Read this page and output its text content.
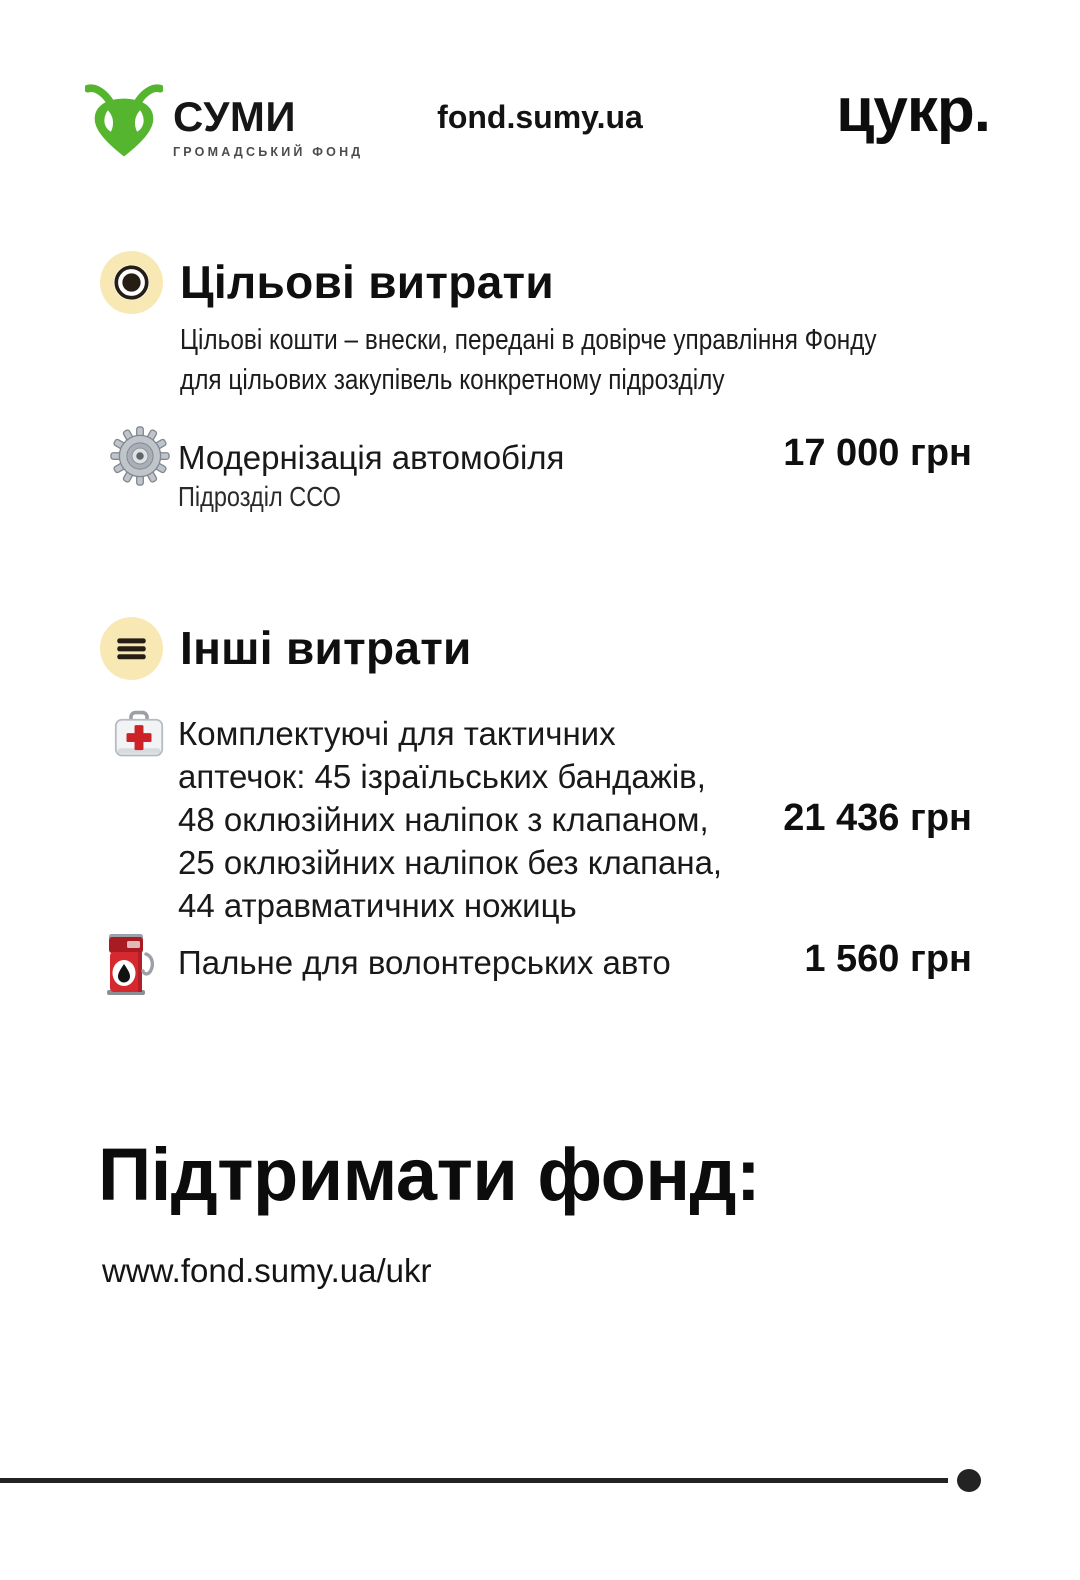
СУМИ
ГРОМАДСЬКИЙ ФОНД
fond.sumy.ua	цукр.
Цільові витрати
Цільові кошти – внески, передані в довірче управління Фонду
для цільових закупівель конкретному підрозділу
Модернізація автомобіля	17 000 грн
Підрозділ ССО
Інші витрати
Комплектуючі для тактичних
аптечок: 45 ізраїльських бандажів,
48 оклюзійних наліпок з клапаном,
25 оклюзійних наліпок без клапана,
44 атравматичних ножиць
21 436 грн
Пальне для волонтерських авто	1 560 грн
Підтримати фонд:
www.fond.sumy.ua/ukr
